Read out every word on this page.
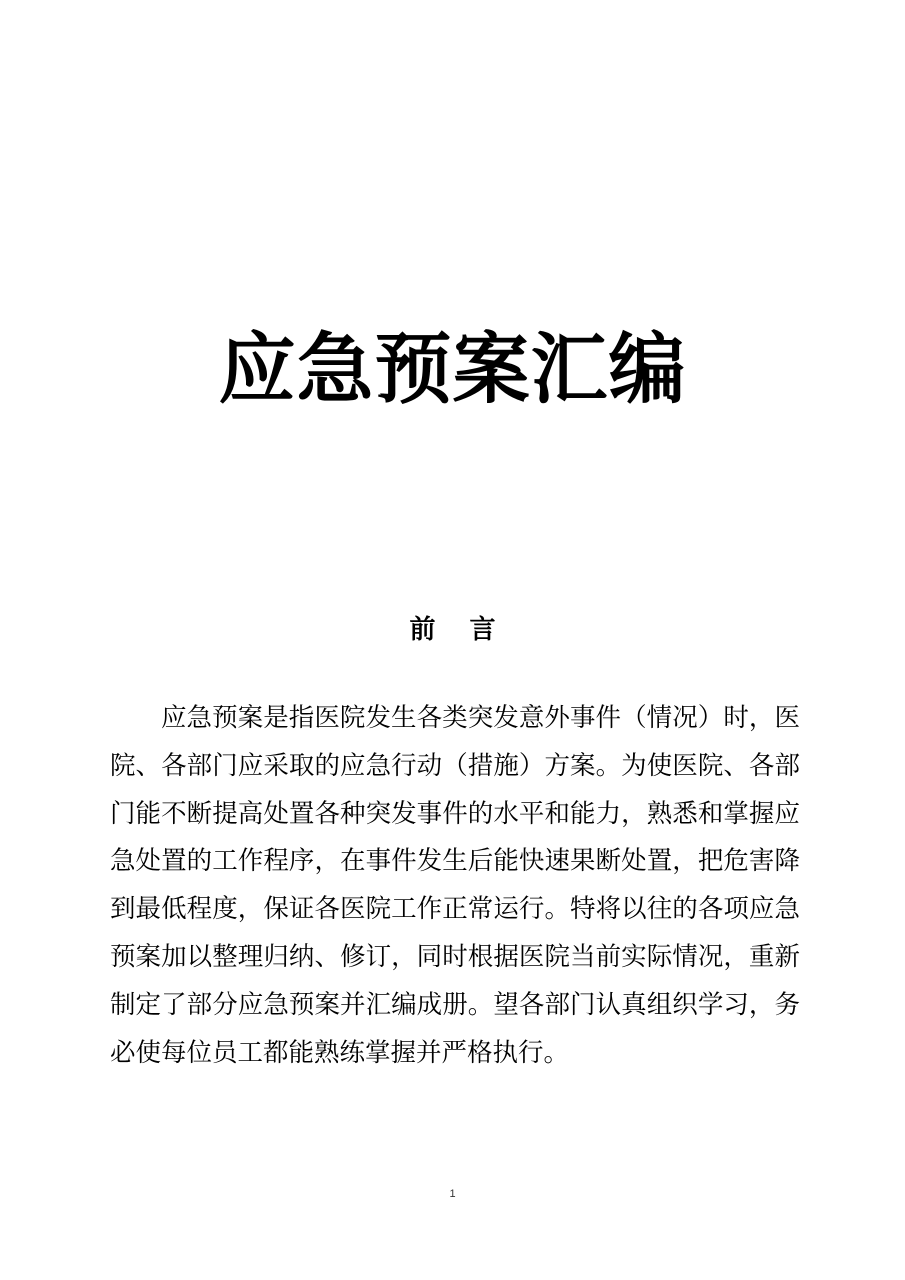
应急预案汇编
前言

应急预案是指医院发生各类突发意外事件（情况）时，医院、各部门应采取的应急行动（措施）方案。为使医院、各部门能不断提高处置各种突发事件的水平和能力，熟悉和掌握应急处置的工作程序，在事件发生后能快速果断处置，把危害降到最低程度，保证各医院工作正常运行。特将以往的各项应急预案加以整理归纳、修订，同时根据医院当前实际情况，重新制定了部分应急预案并汇编成册。望各部门认真组织学习，务必使每位员工都能熟练掌握并严格执行。

1
